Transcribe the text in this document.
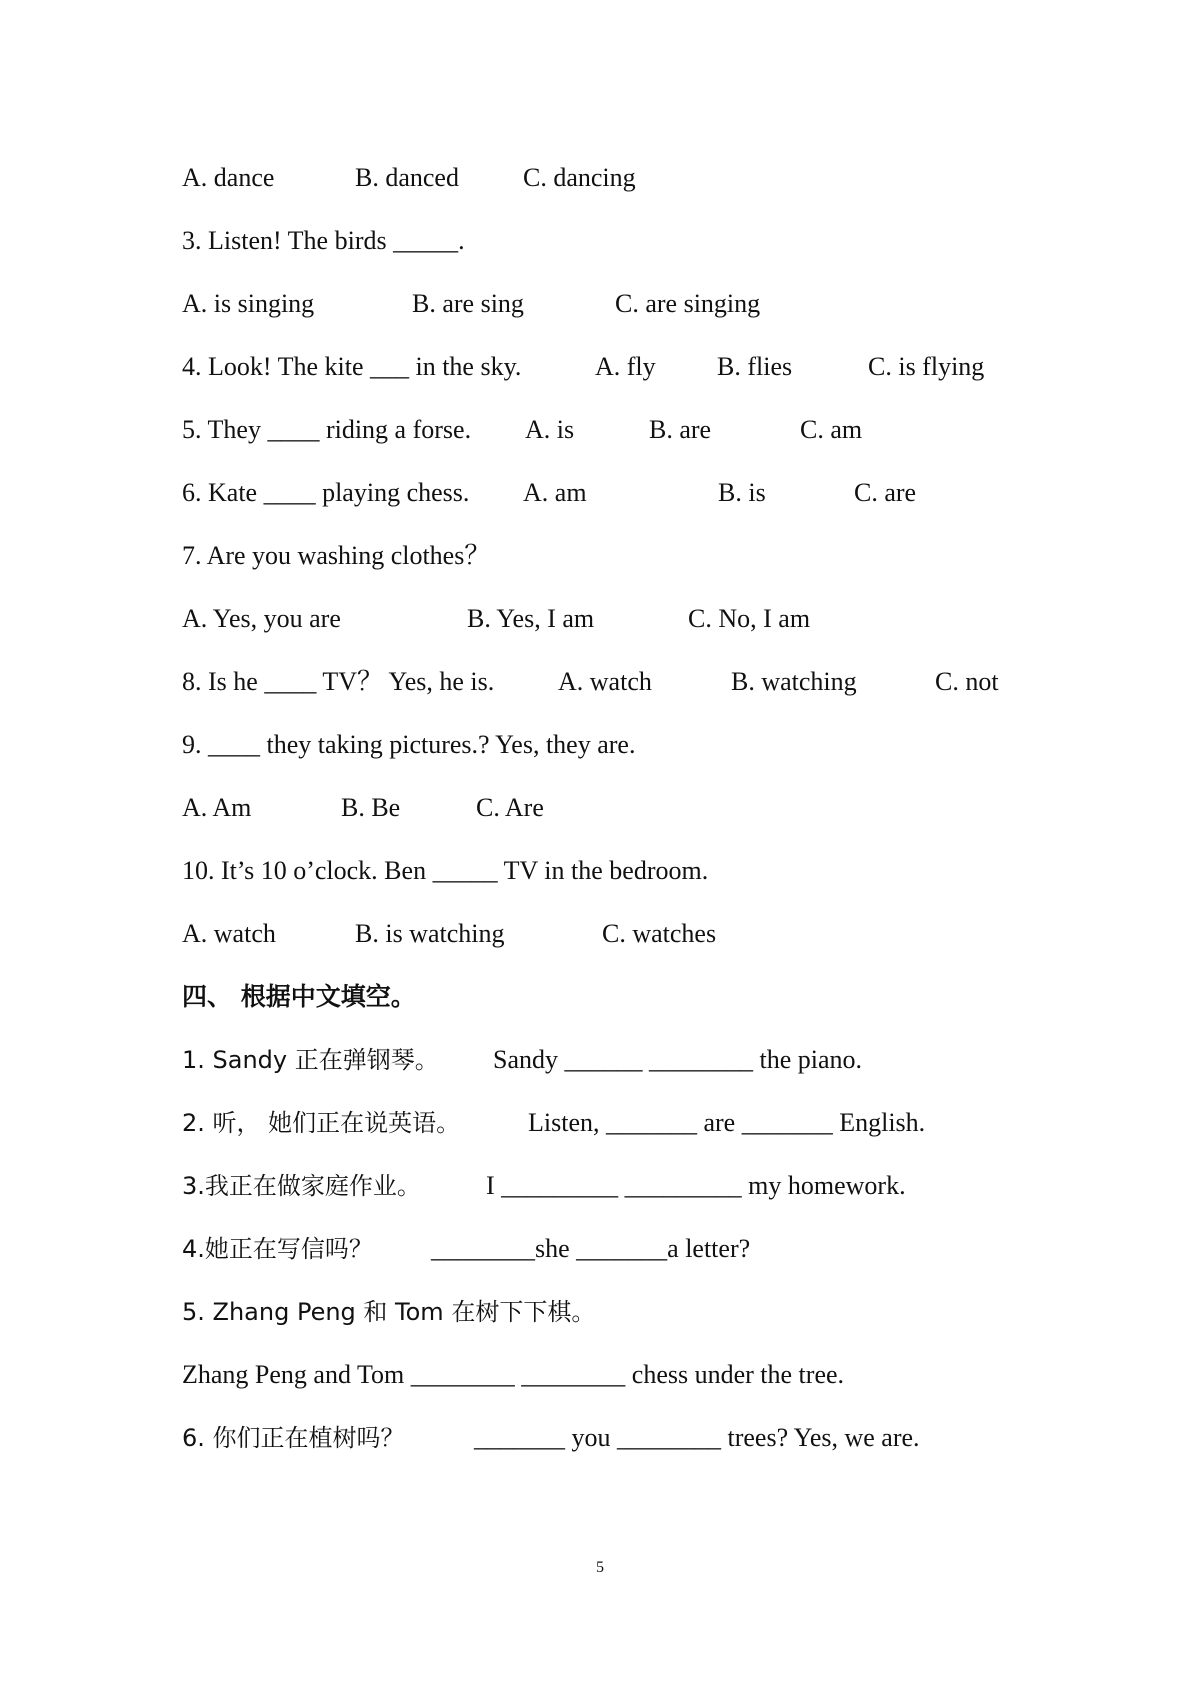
A. dance	B. danced C. dancing
3. Listen! The birds _____.
A. is singing	B. are sing	C. are singing
4. Look! The kite ___ in the sky.	A. fly B. flies	C. is flying
5. They ____ riding a forse. A. is	B. are	C. am
6. Kate ____ playing chess. A. am	B. is	C. are
7. Are you washing clothes？
A. Yes, you are	B. Yes, I am	C. No, I am
8. Is he ____ TV？ Yes, he is. A. watch	B. watching	C. not
9. ____ they taking pictures.? Yes, they are.
A. Am	B. Be	C. Are
10. It’s 10 o’clock. Ben _____ TV in the bedroom.
A. watch	B. is watching	C. watches
四、 根据中文填空。
1. Sandy 正在弹钢琴。 Sandy ______ ________ the piano.
2. 听， 她们正在说英语。	Listen, _______ are _______ English.
3.我正在做家庭作业。	I _________ _________ my homework.
4.她正在写信吗？ ________she _______a letter?
5. Zhang Peng 和 Tom 在树下下棋。
Zhang Peng and Tom ________ ________ chess under the tree.
6. 你们正在植树吗？	_______ you ________ trees? Yes, we are.
5
